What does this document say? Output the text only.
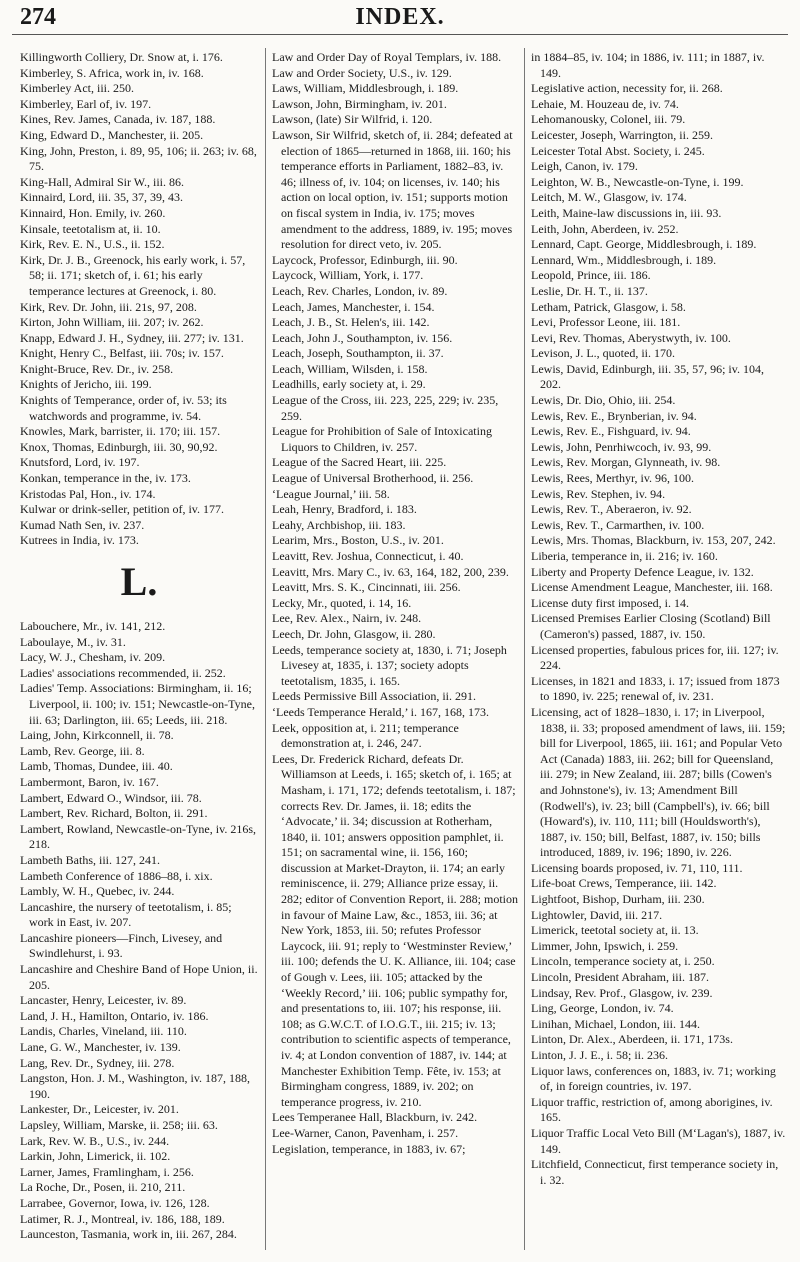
274	INDEX.

Killingworth Colliery, Dr. Snow at, i. 176.

Kimberley, S. Africa, work in, iv. 168.

Kimberley Act, iii. 250.

Kimberley, Earl of, iv. 197.

Kines, Rev. James, Canada, iv. 187, 188.

King, Edward D., Manchester, ii. 205.

King, John, Preston, i. 89, 95, 106; ii. 263; iv. 68, 75.

King-Hall, Admiral Sir W., iii. 86.

Kinnaird, Lord, iii. 35, 37, 39, 43.

Kinnaird, Hon. Emily, iv. 260.

Kinsale, teetotalism at, ii. 10.

Kirk, Rev. E. N., U.S., ii. 152.

Kirk, Dr. J. B., Greenock, his early work, i. 57, 58; ii. 171; sketch of, i. 61; his early temperance lectures at Greenock, i. 80.

Kirk, Rev. Dr. John, iii. 21s, 97, 208.

Kirton, John William, iii. 207; iv. 262.

Knapp, Edward J. H., Sydney, iii. 277; iv. 131.

Knight, Henry C., Belfast, iii. 70s; iv. 157.

Knight-Bruce, Rev. Dr., iv. 258.

Knights of Jericho, iii. 199.

Knights of Temperance, order of, iv. 53; its watchwords and programme, iv. 54.

Knowles, Mark, barrister, ii. 170; iii. 157.

Knox, Thomas, Edinburgh, iii. 30, 90,92.

Knutsford, Lord, iv. 197.

Konkan, temperance in the, iv. 173.

Kristodas Pal, Hon., iv. 174.

Kulwar or drink-seller, petition of, iv. 177.

Kumad Nath Sen, iv. 237.

Kutrees in India, iv. 173.

L.

Labouchere, Mr., iv. 141, 212.

Laboulaye, M., iv. 31.

Lacy, W. J., Chesham, iv. 209.

Ladies' associations recommended, ii. 252.

Ladies' Temp. Associations: Birmingham, ii. 16; Liverpool, ii. 100; iv. 151; Newcastle-on-Tyne, iii. 63; Darlington, iii. 65; Leeds, iii. 218.

Laing, John, Kirkconnell, ii. 78.

Lamb, Rev. George, iii. 8.

Lamb, Thomas, Dundee, iii. 40.

Lambermont, Baron, iv. 167.

Lambert, Edward O., Windsor, iii. 78.

Lambert, Rev. Richard, Bolton, ii. 291.

Lambert, Rowland, Newcastle-on-Tyne, iv. 216s, 218.

Lambeth Baths, iii. 127, 241.

Lambeth Conference of 1886–88, i. xix.

Lambly, W. H., Quebec, iv. 244.

Lancashire, the nursery of teetotalism, i. 85; work in East, iv. 207.

Lancashire pioneers—Finch, Livesey, and Swindlehurst, i. 93.

Lancashire and Cheshire Band of Hope Union, ii. 205.

Lancaster, Henry, Leicester, iv. 89.

Land, J. H., Hamilton, Ontario, iv. 186.

Landis, Charles, Vineland, iii. 110.

Lane, G. W., Manchester, iv. 139.

Lang, Rev. Dr., Sydney, iii. 278.

Langston, Hon. J. M., Washington, iv. 187, 188, 190.

Lankester, Dr., Leicester, iv. 201.

Lapsley, William, Marske, ii. 258; iii. 63.

Lark, Rev. W. B., U.S., iv. 244.

Larkin, John, Limerick, ii. 102.

Larner, James, Framlingham, i. 256.

La Roche, Dr., Posen, ii. 210, 211.

Larrabee, Governor, Iowa, iv. 126, 128.

Latimer, R. J., Montreal, iv. 186, 188, 189.

Launceston, Tasmania, work in, iii. 267, 284.

Law and Order Day of Royal Templars, iv. 188.

Law and Order Society, U.S., iv. 129.

Laws, William, Middlesbrough, i. 189.

Lawson, John, Birmingham, iv. 201.

Lawson, (late) Sir Wilfrid, i. 120.

Lawson, Sir Wilfrid, sketch of, ii. 284; defeated at election of 1865—returned in 1868, iii. 160; his temperance efforts in Parliament, 1882–83, iv. 46; illness of, iv. 104; on licenses, iv. 140; his action on local option, iv. 151; supports motion on fiscal system in India, iv. 175; moves amendment to the address, 1889, iv. 195; moves resolution for direct veto, iv. 205.

Laycock, Professor, Edinburgh, iii. 90.

Laycock, William, York, i. 177.

Leach, Rev. Charles, London, iv. 89.

Leach, James, Manchester, i. 154.

Leach, J. B., St. Helen's, iii. 142.

Leach, John J., Southampton, iv. 156.

Leach, Joseph, Southampton, ii. 37.

Leach, William, Wilsden, i. 158.

Leadhills, early society at, i. 29.

League of the Cross, iii. 223, 225, 229; iv. 235, 259.

League for Prohibition of Sale of Intoxicating Liquors to Children, iv. 257.

League of the Sacred Heart, iii. 225.

League of Universal Brotherhood, ii. 256.

‘League Journal,’ iii. 58.

Leah, Henry, Bradford, i. 183.

Leahy, Archbishop, iii. 183.

Learim, Mrs., Boston, U.S., iv. 201.

Leavitt, Rev. Joshua, Connecticut, i. 40.

Leavitt, Mrs. Mary C., iv. 63, 164, 182, 200, 239.

Leavitt, Mrs. S. K., Cincinnati, iii. 256.

Lecky, Mr., quoted, i. 14, 16.

Lee, Rev. Alex., Nairn, iv. 248.

Leech, Dr. John, Glasgow, ii. 280.

Leeds, temperance society at, 1830, i. 71; Joseph Livesey at, 1835, i. 137; society adopts teetotalism, 1835, i. 165.

Leeds Permissive Bill Association, ii. 291.

‘Leeds Temperance Herald,’ i. 167, 168, 173.

Leek, opposition at, i. 211; temperance demonstration at, i. 246, 247.

Lees, Dr. Frederick Richard, defeats Dr. Williamson at Leeds, i. 165; sketch of, i. 165; at Masham, i. 171, 172; defends teetotalism, i. 187; corrects Rev. Dr. James, ii. 18; edits the ‘Advocate,’ ii. 34; discussion at Rotherham, 1840, ii. 101; answers opposition pamphlet, ii. 151; on sacramental wine, ii. 156, 160; discussion at Market-Drayton, ii. 174; an early reminiscence, ii. 279; Alliance prize essay, ii. 282; editor of Convention Report, ii. 288; motion in favour of Maine Law, &c., 1853, iii. 36; at New York, 1853, iii. 50; refutes Professor Laycock, iii. 91; reply to ‘Westminster Review,’ iii. 100; defends the U. K. Alliance, iii. 104; case of Gough v. Lees, iii. 105; attacked by the ‘Weekly Record,’ iii. 106; public sympathy for, and presentations to, iii. 107; his response, iii. 108; as G.W.C.T. of I.O.G.T., iii. 215; iv. 13; contribution to scientific aspects of temperance, iv. 4; at London convention of 1887, iv. 144; at Manchester Exhibition Temp. Fête, iv. 153; at Birmingham congress, 1889, iv. 202; on temperance progress, iv. 210.

Lees Temperanee Hall, Blackburn, iv. 242.

Lee-Warner, Canon, Pavenham, i. 257.

Legislation, temperance, in 1883, iv. 67;

in 1884–85, iv. 104; in 1886, iv. 111; in 1887, iv. 149.

Legislative action, necessity for, ii. 268.

Lehaie, M. Houzeau de, iv. 74.

Lehomanousky, Colonel, iii. 79.

Leicester, Joseph, Warrington, ii. 259.

Leicester Total Abst. Society, i. 245.

Leigh, Canon, iv. 179.

Leighton, W. B., Newcastle-on-Tyne, i. 199.

Leitch, M. W., Glasgow, iv. 174.

Leith, Maine-law discussions in, iii. 93.

Leith, John, Aberdeen, iv. 252.

Lennard, Capt. George, Middlesbrough, i. 189.

Lennard, Wm., Middlesbrough, i. 189.

Leopold, Prince, iii. 186.

Leslie, Dr. H. T., ii. 137.

Letham, Patrick, Glasgow, i. 58.

Levi, Professor Leone, iii. 181.

Levi, Rev. Thomas, Aberystwyth, iv. 100.

Levison, J. L., quoted, ii. 170.

Lewis, David, Edinburgh, iii. 35, 57, 96; iv. 104, 202.

Lewis, Dr. Dio, Ohio, iii. 254.

Lewis, Rev. E., Brynberian, iv. 94.

Lewis, Rev. E., Fishguard, iv. 94.

Lewis, John, Penrhiwcoch, iv. 93, 99.

Lewis, Rev. Morgan, Glynneath, iv. 98.

Lewis, Rees, Merthyr, iv. 96, 100.

Lewis, Rev. Stephen, iv. 94.

Lewis, Rev. T., Aberaeron, iv. 92.

Lewis, Rev. T., Carmarthen, iv. 100.

Lewis, Mrs. Thomas, Blackburn, iv. 153, 207, 242.

Liberia, temperance in, ii. 216; iv. 160.

Liberty and Property Defence League, iv. 132.

License Amendment League, Manchester, iii. 168.

License duty first imposed, i. 14.

Licensed Premises Earlier Closing (Scotland) Bill (Cameron's) passed, 1887, iv. 150.

Licensed properties, fabulous prices for, iii. 127; iv. 224.

Licenses, in 1821 and 1833, i. 17; issued from 1873 to 1890, iv. 225; renewal of, iv. 231.

Licensing, act of 1828–1830, i. 17; in Liverpool, 1838, ii. 33; proposed amendment of laws, iii. 159; bill for Liverpool, 1865, iii. 161; and Popular Veto Act (Canada) 1883, iii. 262; bill for Queensland, iii. 279; in New Zealand, iii. 287; bills (Cowen's and Johnstone's), iv. 13; Amendment Bill (Rodwell's), iv. 23; bill (Campbell's), iv. 66; bill (Howard's), iv. 110, 111; bill (Houldsworth's), 1887, iv. 150; bill, Belfast, 1887, iv. 150; bills introduced, 1889, iv. 196; 1890, iv. 226.

Licensing boards proposed, iv. 71, 110, 111.

Life-boat Crews, Temperance, iii. 142.

Lightfoot, Bishop, Durham, iii. 230.

Lightowler, David, iii. 217.

Limerick, teetotal society at, ii. 13.

Limmer, John, Ipswich, i. 259.

Lincoln, temperance society at, i. 250.

Lincoln, President Abraham, iii. 187.

Lindsay, Rev. Prof., Glasgow, iv. 239.

Ling, George, London, iv. 74.

Linihan, Michael, London, iii. 144.

Linton, Dr. Alex., Aberdeen, ii. 171, 173s.

Linton, J. J. E., i. 58; ii. 236.

Liquor laws, conferences on, 1883, iv. 71; working of, in foreign countries, iv. 197.

Liquor traffic, restriction of, among aborigines, iv. 165.

Liquor Traffic Local Veto Bill (M‘Lagan's), 1887, iv. 149.

Litchfield, Connecticut, first temperance society in, i. 32.
